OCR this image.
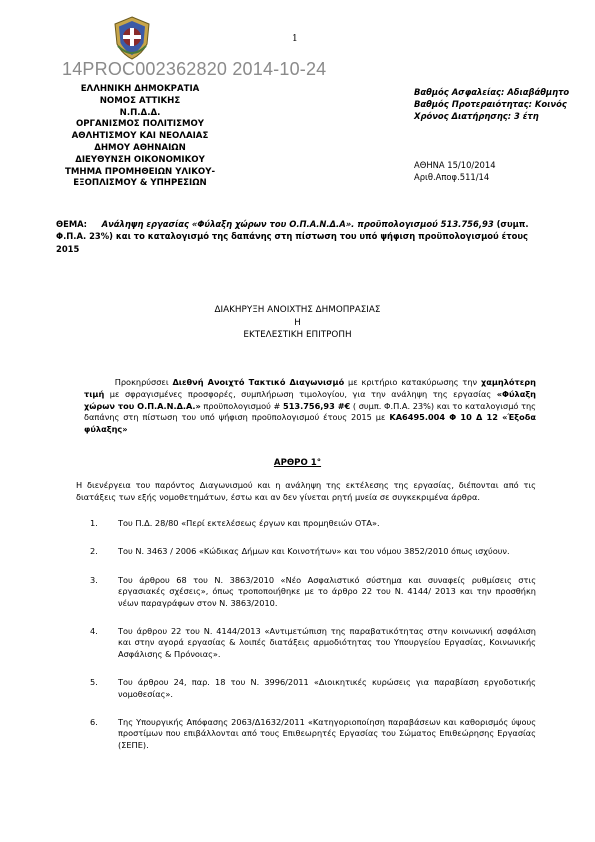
1
14PROC002362820 2014-10-24
ΕΛΛΗΝΙΚΗ ΔΗΜΟΚΡΑΤΙΑ
ΝΟΜΟΣ ΑΤΤΙΚΗΣ
Ν.Π.Δ.Δ.
ΟΡΓΑΝΙΣΜΟΣ ΠΟΛΙΤΙΣΜΟΥ
ΑΘΛΗΤΙΣΜΟΥ ΚΑΙ ΝΕΟΛΑΙΑΣ
ΔΗΜΟΥ ΑΘΗΝΑΙΩΝ
ΔΙΕΥΘΥΝΣΗ ΟΙΚΟΝΟΜΙΚΟΥ
ΤΜΗΜΑ ΠΡΟΜΗΘΕΙΩΝ ΥΛΙΚΟΥ-
ΕΞΟΠΛΙΣΜΟΥ & ΥΠΗΡΕΣΙΩΝ
Βαθμός Ασφαλείας: Αδιαβάθμητο
Βαθμός Προτεραιότητας: Κοινός
Χρόνος Διατήρησης: 3 έτη
ΑΘΗΝΑ 15/10/2014
Αριθ.Αποφ.511/14
ΘΕΜΑ: Ανάληψη εργασίας «Φύλαξη χώρων του Ο.Π.Α.Ν.Δ.Α». προϋπολογισμού 513.756,93 (συμπ. Φ.Π.Α. 23%) και το καταλογισμό της δαπάνης στη πίστωση του υπό ψήφιση προϋπολογισμού έτους 2015
ΔΙΑΚΗΡΥΞΗ ΑΝΟΙΧΤΗΣ ΔΗΜΟΠΡΑΣΙΑΣ
Η
ΕΚΤΕΛΕΣΤΙΚΗ ΕΠΙΤΡΟΠΗ
Προκηρύσσει Διεθνή Ανοιχτό Τακτικό Διαγωνισμό με κριτήριο κατακύρωσης την χαμηλότερη τιμή με σφραγισμένες προσφορές, συμπλήρωση τιμολογίου, για την ανάληψη της εργασίας «Φύλαξη χώρων του Ο.Π.Α.Ν.Δ.Α.» προϋπολογισμού # 513.756,93 #€ ( συμπ. Φ.Π.Α. 23%) και το καταλογισμό της δαπάνης στη πίστωση του υπό ψήφιση προϋπολογισμού έτους 2015 με ΚΑ6495.004 Φ 10 Δ 12 «Έξοδα φύλαξης»
ΑΡΘΡΟ 1°
Η διενέργεια του παρόντος Διαγωνισμού και η ανάληψη της εκτέλεσης της εργασίας, διέπονται από τις διατάξεις των εξής νομοθετημάτων, έστω και αν δεν γίνεται ρητή μνεία σε συγκεκριμένα άρθρα.
1. Του Π.Δ. 28/80 «Περί εκτελέσεως έργων και προμηθειών ΟΤΑ».
2. Του Ν. 3463 / 2006 «Κώδικας Δήμων και Κοινοτήτων» και του νόμου 3852/2010 όπως ισχύουν.
3. Του άρθρου 68 του Ν. 3863/2010 «Νέο Ασφαλιστικό σύστημα και συναφείς ρυθμίσεις στις εργασιακές σχέσεις», όπως τροποποιήθηκε με το άρθρο 22 του Ν. 4144/ 2013 και την προσθήκη νέων παραγράφων στον Ν. 3863/2010.
4. Του άρθρου 22 του Ν. 4144/2013 «Αντιμετώπιση της παραβατικότητας στην κοινωνική ασφάλιση και στην αγορά εργασίας & λοιπές διατάξεις αρμοδιότητας του Υπουργείου Εργασίας, Κοινωνικής Ασφάλισης & Πρόνοιας».
5. Του άρθρου 24, παρ. 18 του Ν. 3996/2011 «Διοικητικές κυρώσεις για παραβίαση εργοδοτικής νομοθεσίας».
6. Της Υπουργικής Απόφασης 2063/Δ1632/2011 «Κατηγοριοποίηση παραβάσεων και καθορισμός ύψους προστίμων που επιβάλλονται από τους Επιθεωρητές Εργασίας του Σώματος Επιθεώρησης Εργασίας (ΣΕΠΕ).
